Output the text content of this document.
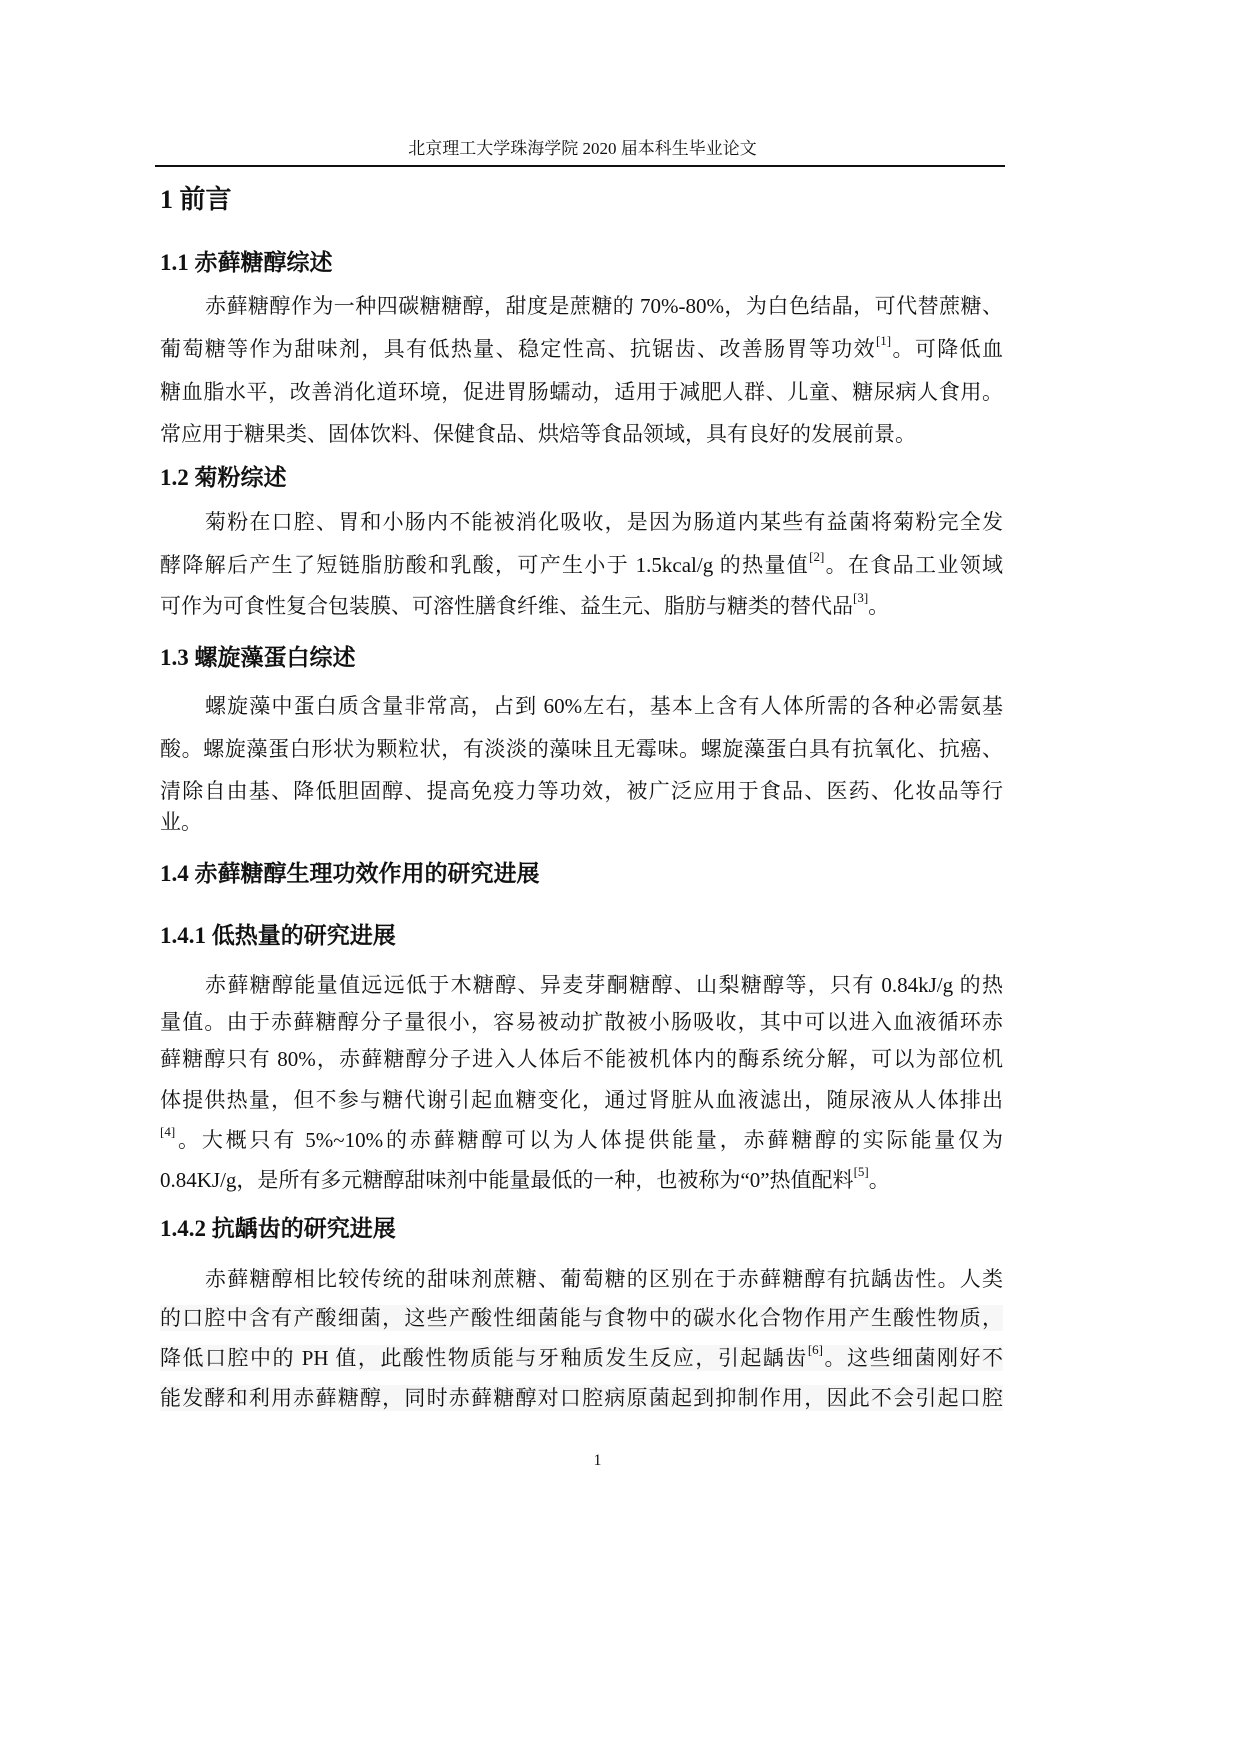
北京理工大学珠海学院 2020 届本科生毕业论文
1 前言
1.1 赤藓糖醇综述
赤藓糖醇作为一种四碳糖糖醇，甜度是蔗糖的 70%-80%，为白色结晶，可代替蔗糖、
葡萄糖等作为甜味剂，具有低热量、稳定性高、抗锯齿、改善肠胃等功效[1]。可降低血
糖血脂水平，改善消化道环境，促进胃肠蠕动，适用于减肥人群、儿童、糖尿病人食用。
常应用于糖果类、固体饮料、保健食品、烘焙等食品领域，具有良好的发展前景。
1.2 菊粉综述
菊粉在口腔、胃和小肠内不能被消化吸收，是因为肠道内某些有益菌将菊粉完全发
酵降解后产生了短链脂肪酸和乳酸，可产生小于 1.5kcal/g 的热量值[2]。在食品工业领域
可作为可食性复合包装膜、可溶性膳食纤维、益生元、脂肪与糖类的替代品[3]。
1.3 螺旋藻蛋白综述
螺旋藻中蛋白质含量非常高，占到 60%左右，基本上含有人体所需的各种必需氨基
酸。螺旋藻蛋白形状为颗粒状，有淡淡的藻味且无霉味。螺旋藻蛋白具有抗氧化、抗癌、
清除自由基、降低胆固醇、提高免疫力等功效，被广泛应用于食品、医药、化妆品等行
业。
1.4 赤藓糖醇生理功效作用的研究进展
1.4.1 低热量的研究进展
赤藓糖醇能量值远远低于木糖醇、异麦芽酮糖醇、山梨糖醇等，只有 0.84kJ/g 的热
量值。由于赤藓糖醇分子量很小，容易被动扩散被小肠吸收，其中可以进入血液循环赤
藓糖醇只有 80%，赤藓糖醇分子进入人体后不能被机体内的酶系统分解，可以为部位机
体提供热量，但不参与糖代谢引起血糖变化，通过肾脏从血液滤出，随尿液从人体排出
[4]。大概只有 5%~10%的赤藓糖醇可以为人体提供能量，赤藓糖醇的实际能量仅为
0.84KJ/g，是所有多元糖醇甜味剂中能量最低的一种，也被称为“0”热值配料[5]。
1.4.2 抗龋齿的研究进展
赤藓糖醇相比较传统的甜味剂蔗糖、葡萄糖的区别在于赤藓糖醇有抗龋齿性。人类
的口腔中含有产酸细菌，这些产酸性细菌能与食物中的碳水化合物作用产生酸性物质，
降低口腔中的 PH 值，此酸性物质能与牙釉质发生反应，引起龋齿[6]。这些细菌刚好不
能发酵和利用赤藓糖醇，同时赤藓糖醇对口腔病原菌起到抑制作用，因此不会引起口腔
1
